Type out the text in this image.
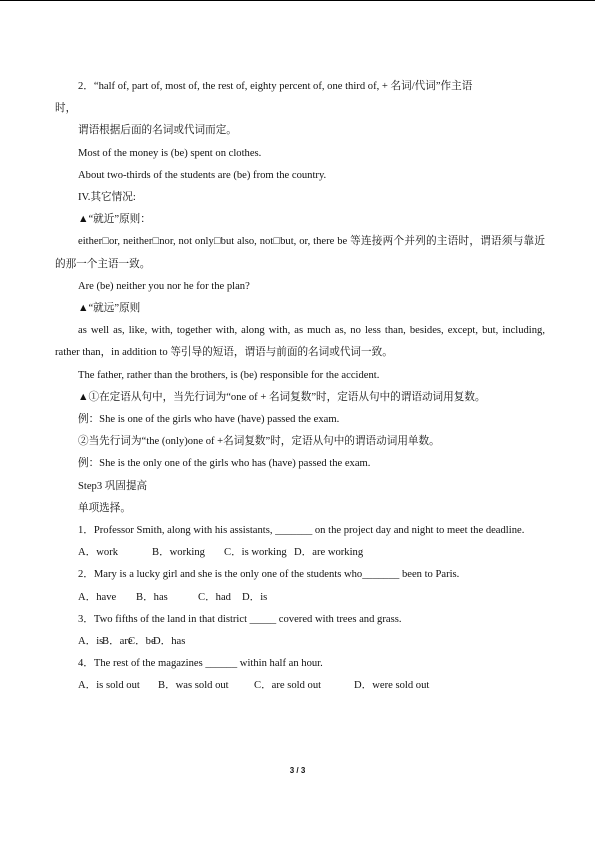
2．“half of, part of, most of, the rest of, eighty percent of, one third of, + 名词/代词”作主语

时，

谓语根据后面的名词或代词而定。

Most of the money is (be) spent on clothes.

About two-thirds of the students are (be) from the country.

IV.其它情况:

▲“就近”原则：

either□or, neither□nor, not only□but also, not□but, or, there be 等连接两个并列的主语时，谓语须与靠近的那一个主语一致。

Are (be) neither you nor he for the plan?

▲“就远”原则

as well as, like, with, together with, along with, as much as, no less than, besides, except, but, including, rather than，in addition to 等引导的短语，谓语与前面的名词或代词一致。

The father, rather than the brothers, is (be) responsible for the accident.

▲①在定语从句中，当先行词为“one of + 名词复数”时，定语从句中的谓语动词用复数。

例：She is one of the girls who have (have) passed the exam.

②当先行词为“the (only)one of +名词复数”时，定语从句中的谓语动词用单数。

例：She is the only one of the girls who has (have) passed the exam.

Step3 巩固提高

单项选择。

1．Professor Smith, along with his assistants, _______ on the project day and night to meet the deadline.

A．work	B．working C．is working D．are working

2．Mary is a lucky girl and she is the only one of the students who_______ been to Paris.

A．have B．has	C．had D．is

3．Two fifths of the land in that district _____ covered with trees and grass.

A．isB．areC．beD．has

4．The rest of the magazines ______ within half an hour.

A．is sold out B．was sold out C．are sold out	D．were sold out

3 / 3
